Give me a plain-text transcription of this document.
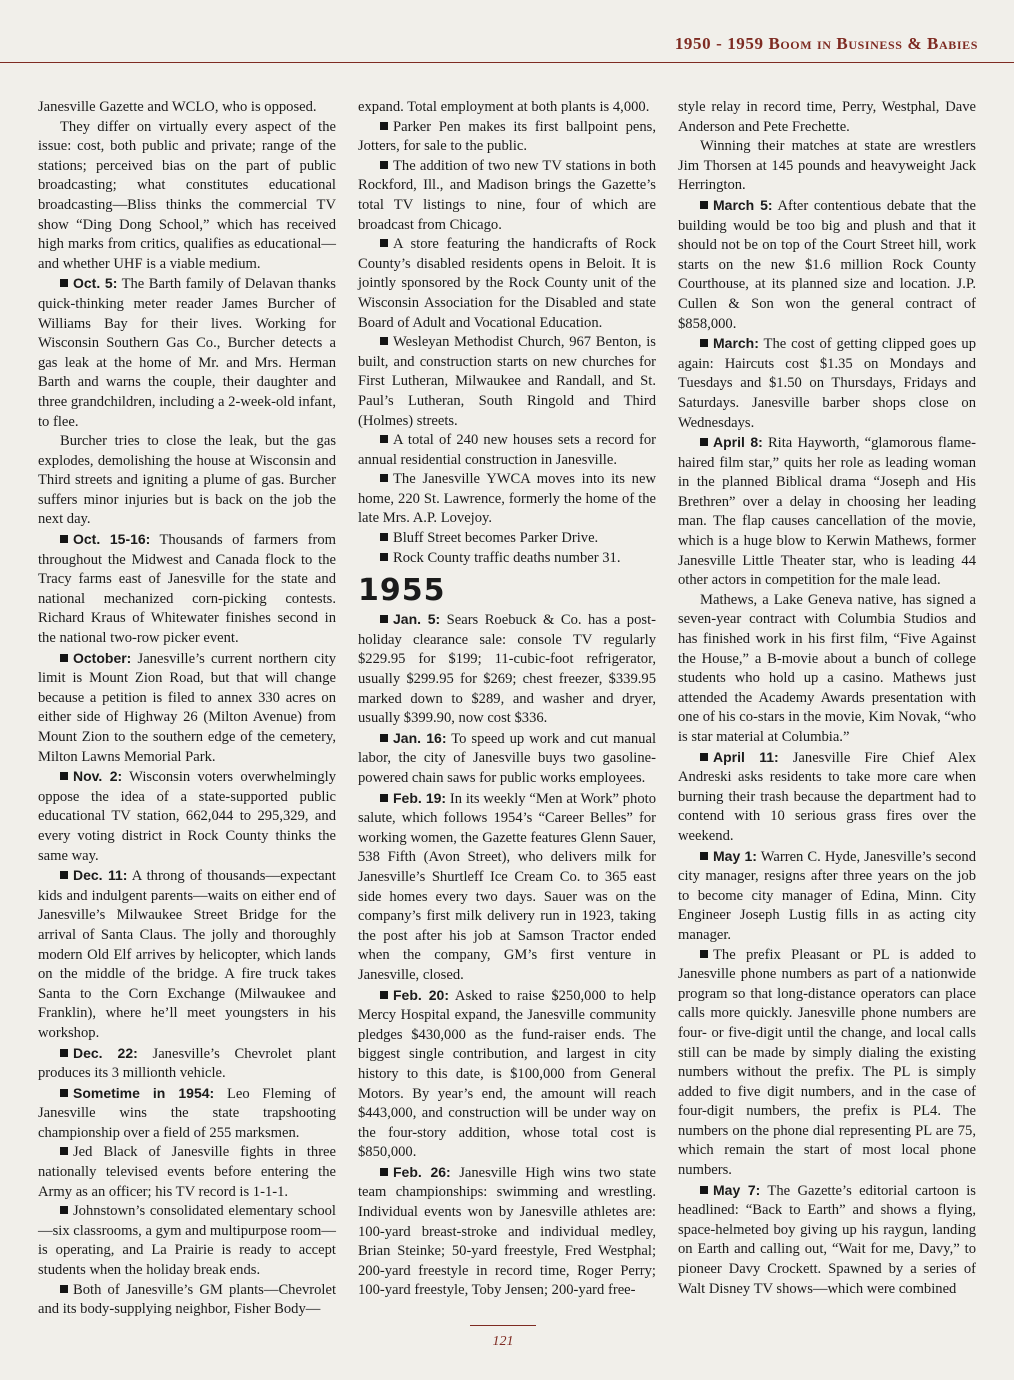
1950 - 1959 Boom in Business & Babies

Janesville Gazette and WCLO, who is opposed.

They differ on virtually every aspect of the issue: cost, both public and private; range of the stations; perceived bias on the part of public broadcasting; what constitutes educational broadcasting—Bliss thinks the commercial TV show “Ding Dong School,” which has received high marks from critics, qualifies as educational—and whether UHF is a viable medium.

Oct. 5: The Barth family of Delavan thanks quick-thinking meter reader James Burcher of Williams Bay for their lives. Working for Wisconsin Southern Gas Co., Burcher detects a gas leak at the home of Mr. and Mrs. Herman Barth and warns the couple, their daughter and three grandchildren, including a 2-week-old infant, to flee.

Burcher tries to close the leak, but the gas explodes, demolishing the house at Wisconsin and Third streets and igniting a plume of gas. Burcher suffers minor injuries but is back on the job the next day.

Oct. 15-16: Thousands of farmers from throughout the Midwest and Canada flock to the Tracy farms east of Janesville for the state and national mechanized corn-picking contests. Richard Kraus of Whitewater finishes second in the national two-row picker event.

October: Janesville’s current northern city limit is Mount Zion Road, but that will change because a petition is filed to annex 330 acres on either side of Highway 26 (Milton Avenue) from Mount Zion to the southern edge of the cemetery, Milton Lawns Memorial Park.

Nov. 2: Wisconsin voters overwhelmingly oppose the idea of a state-supported public educational TV station, 662,044 to 295,329, and every voting district in Rock County thinks the same way.

Dec. 11: A throng of thousands—expectant kids and indulgent parents—waits on either end of Janesville’s Milwaukee Street Bridge for the arrival of Santa Claus. The jolly and thoroughly modern Old Elf arrives by helicopter, which lands on the middle of the bridge. A fire truck takes Santa to the Corn Exchange (Milwaukee and Franklin), where he’ll meet youngsters in his workshop.

Dec. 22: Janesville’s Chevrolet plant produces its 3 millionth vehicle.

Sometime in 1954: Leo Fleming of Janesville wins the state trapshooting championship over a field of 255 marksmen.

Jed Black of Janesville fights in three nationally televised events before entering the Army as an officer; his TV record is 1-1-1.

Johnstown’s consolidated elementary school—six classrooms, a gym and multipurpose room—is operating, and La Prairie is ready to accept students when the holiday break ends.

Both of Janesville’s GM plants—Chevrolet and its body-supplying neighbor, Fisher Body—

expand. Total employment at both plants is 4,000.

Parker Pen makes its first ballpoint pens, Jotters, for sale to the public.

The addition of two new TV stations in both Rockford, Ill., and Madison brings the Gazette’s total TV listings to nine, four of which are broadcast from Chicago.

A store featuring the handicrafts of Rock County’s disabled residents opens in Beloit. It is jointly sponsored by the Rock County unit of the Wisconsin Association for the Disabled and state Board of Adult and Vocational Education.

Wesleyan Methodist Church, 967 Benton, is built, and construction starts on new churches for First Lutheran, Milwaukee and Randall, and St. Paul’s Lutheran, South Ringold and Third (Holmes) streets.

A total of 240 new houses sets a record for annual residential construction in Janesville.

The Janesville YWCA moves into its new home, 220 St. Lawrence, formerly the home of the late Mrs. A.P. Lovejoy.

Bluff Street becomes Parker Drive.

Rock County traffic deaths number 31.

1955

Jan. 5: Sears Roebuck & Co. has a post-holiday clearance sale: console TV regularly $229.95 for $199; 11-cubic-foot refrigerator, usually $299.95 for $269; chest freezer, $339.95 marked down to $289, and washer and dryer, usually $399.90, now cost $336.

Jan. 16: To speed up work and cut manual labor, the city of Janesville buys two gasoline-powered chain saws for public works employees.

Feb. 19: In its weekly “Men at Work” photo salute, which follows 1954’s “Career Belles” for working women, the Gazette features Glenn Sauer, 538 Fifth (Avon Street), who delivers milk for Janesville’s Shurtleff Ice Cream Co. to 365 east side homes every two days. Sauer was on the company’s first milk delivery run in 1923, taking the post after his job at Samson Tractor ended when the company, GM’s first venture in Janesville, closed.

Feb. 20: Asked to raise $250,000 to help Mercy Hospital expand, the Janesville community pledges $430,000 as the fund-raiser ends. The biggest single contribution, and largest in city history to this date, is $100,000 from General Motors. By year’s end, the amount will reach $443,000, and construction will be under way on the four-story addition, whose total cost is $850,000.

Feb. 26: Janesville High wins two state team championships: swimming and wrestling. Individual events won by Janesville athletes are: 100-yard breast-stroke and individual medley, Brian Steinke; 50-yard freestyle, Fred Westphal; 200-yard freestyle in record time, Roger Perry; 100-yard freestyle, Toby Jensen; 200-yard free-

style relay in record time, Perry, Westphal, Dave Anderson and Pete Frechette.

Winning their matches at state are wrestlers Jim Thorsen at 145 pounds and heavyweight Jack Herrington.

March 5: After contentious debate that the building would be too big and plush and that it should not be on top of the Court Street hill, work starts on the new $1.6 million Rock County Courthouse, at its planned size and location. J.P. Cullen & Son won the general contract of $858,000.

March: The cost of getting clipped goes up again: Haircuts cost $1.35 on Mondays and Tuesdays and $1.50 on Thursdays, Fridays and Saturdays. Janesville barber shops close on Wednesdays.

April 8: Rita Hayworth, “glamorous flame-haired film star,” quits her role as leading woman in the planned Biblical drama “Joseph and His Brethren” over a delay in choosing her leading man. The flap causes cancellation of the movie, which is a huge blow to Kerwin Mathews, former Janesville Little Theater star, who is leading 44 other actors in competition for the male lead.

Mathews, a Lake Geneva native, has signed a seven-year contract with Columbia Studios and has finished work in his first film, “Five Against the House,” a B-movie about a bunch of college students who hold up a casino. Mathews just attended the Academy Awards presentation with one of his co-stars in the movie, Kim Novak, “who is star material at Columbia.”

April 11: Janesville Fire Chief Alex Andreski asks residents to take more care when burning their trash because the department had to contend with 10 serious grass fires over the weekend.

May 1: Warren C. Hyde, Janesville’s second city manager, resigns after three years on the job to become city manager of Edina, Minn. City Engineer Joseph Lustig fills in as acting city manager.

The prefix Pleasant or PL is added to Janesville phone numbers as part of a nationwide program so that long-distance operators can place calls more quickly. Janesville phone numbers are four- or five-digit until the change, and local calls still can be made by simply dialing the existing numbers without the prefix. The PL is simply added to five digit numbers, and in the case of four-digit numbers, the prefix is PL4. The numbers on the phone dial representing PL are 75, which remain the start of most local phone numbers.

May 7: The Gazette’s editorial cartoon is headlined: “Back to Earth” and shows a flying, space-helmeted boy giving up his raygun, landing on Earth and calling out, “Wait for me, Davy,” to pioneer Davy Crockett. Spawned by a series of Walt Disney TV shows—which were combined

121
